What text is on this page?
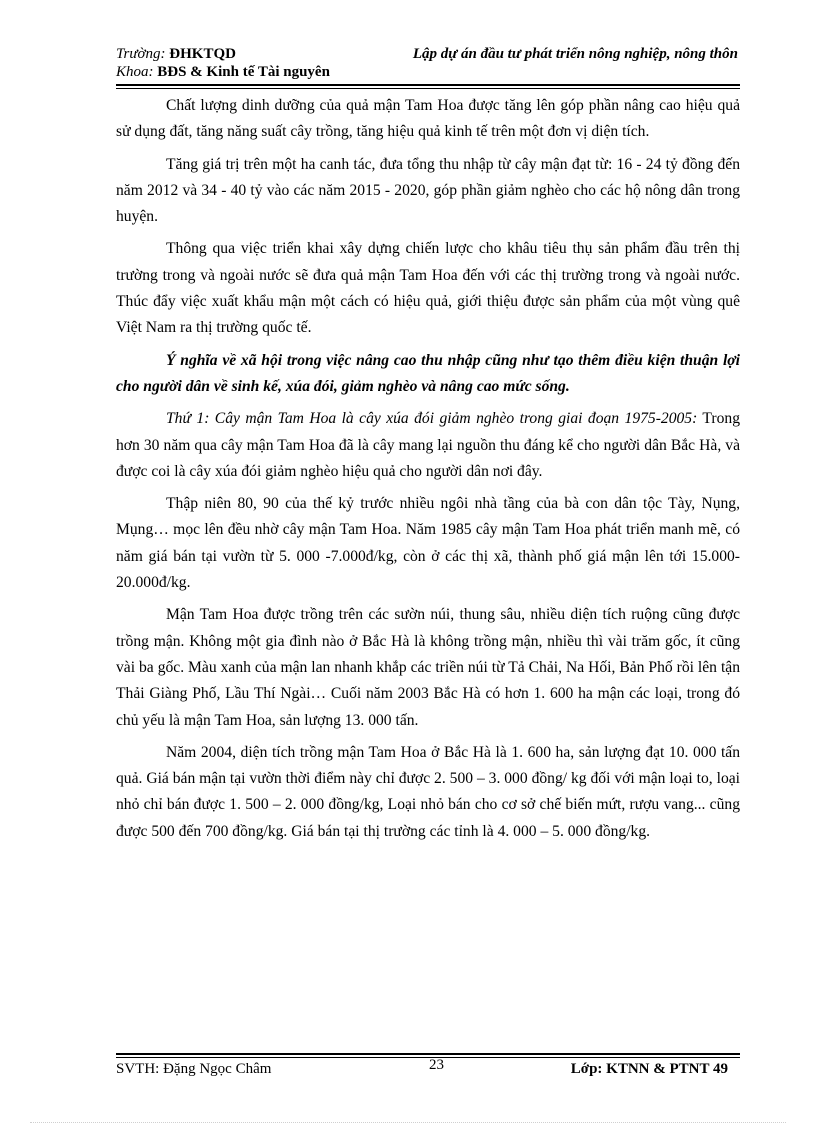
Trường: ĐHKTQD
Khoa: BĐS & Kinh tế Tài nguyên
Lập dự án đầu tư phát triển nông nghiệp, nông thôn

Chất lượng dinh dưỡng của quả mận Tam Hoa được tăng lên góp phần nâng cao hiệu quả sử dụng đất, tăng năng suất cây trồng, tăng hiệu quả kinh tế trên một đơn vị diện tích.

Tăng giá trị trên một ha canh tác, đưa tổng thu nhập từ cây mận đạt từ: 16 - 24 tỷ đồng đến năm 2012 và 34 - 40 tỷ vào các năm 2015 - 2020, góp phần giảm nghèo cho các hộ nông dân trong huyện.

Thông qua việc triển khai xây dựng chiến lược cho khâu tiêu thụ sản phẩm đầu trên thị trường trong và ngoài nước sẽ đưa quả mận Tam Hoa đến với các thị trường trong và ngoài nước. Thúc đẩy việc xuất khẩu mận một cách có hiệu quả, giới thiệu được sản phẩm của một vùng quê Việt Nam ra thị trường quốc tế.

Ý nghĩa về xã hội trong việc nâng cao thu nhập cũng như tạo thêm điều kiện thuận lợi cho người dân về sinh kế, xúa đói, giảm nghèo và nâng cao mức sống.

Thứ 1: Cây mận Tam Hoa là cây xúa đói giảm nghèo trong giai đoạn 1975-2005: Trong hơn 30 năm qua cây mận Tam Hoa đã là cây mang lại nguồn thu đáng kể cho người dân Bắc Hà, và được coi là cây xúa đói giảm nghèo hiệu quả cho người dân nơi đây.

Thập niên 80, 90 của thế kỷ trước nhiều ngôi nhà tầng của bà con dân tộc Tày, Nụng, Mụng… mọc lên đều nhờ cây mận Tam Hoa. Năm 1985 cây mận Tam Hoa phát triển manh mẽ, có năm giá bán tại vườn từ 5. 000 -7.000đ/kg, còn ở các thị xã, thành phố giá mận lên tới 15.000-20.000đ/kg.

Mận Tam Hoa được trồng trên các sườn núi, thung sâu, nhiều diện tích ruộng cũng được trồng mận. Không một gia đình nào ở Bắc Hà là không trồng mận, nhiều thì vài trăm gốc, ít cũng vài ba gốc. Màu xanh của mận lan nhanh khắp các triền núi từ Tả Chải, Na Hối, Bản Phố rồi lên tận Thải Giàng Phố, Lầu Thí Ngài… Cuối năm 2003 Bắc Hà có hơn 1. 600 ha mận các loại, trong đó chủ yếu là mận Tam Hoa, sản lượng 13. 000 tấn.

Năm 2004, diện tích trồng mận Tam Hoa ở Bắc Hà là 1. 600 ha, sản lượng đạt 10. 000 tấn quả. Giá bán mận tại vườn thời điểm này chỉ được 2. 500 – 3. 000 đồng/ kg đối với mận loại to, loại nhỏ chỉ bán được 1. 500 – 2. 000 đồng/kg, Loại nhỏ bán cho cơ sở chế biến mứt, rượu vang... cũng được 500 đến 700 đồng/kg. Giá bán tại thị trường các tỉnh là 4. 000 – 5. 000 đồng/kg.

SVTH: Đặng Ngọc Châm	23	Lớp: KTNN & PTNT 49
